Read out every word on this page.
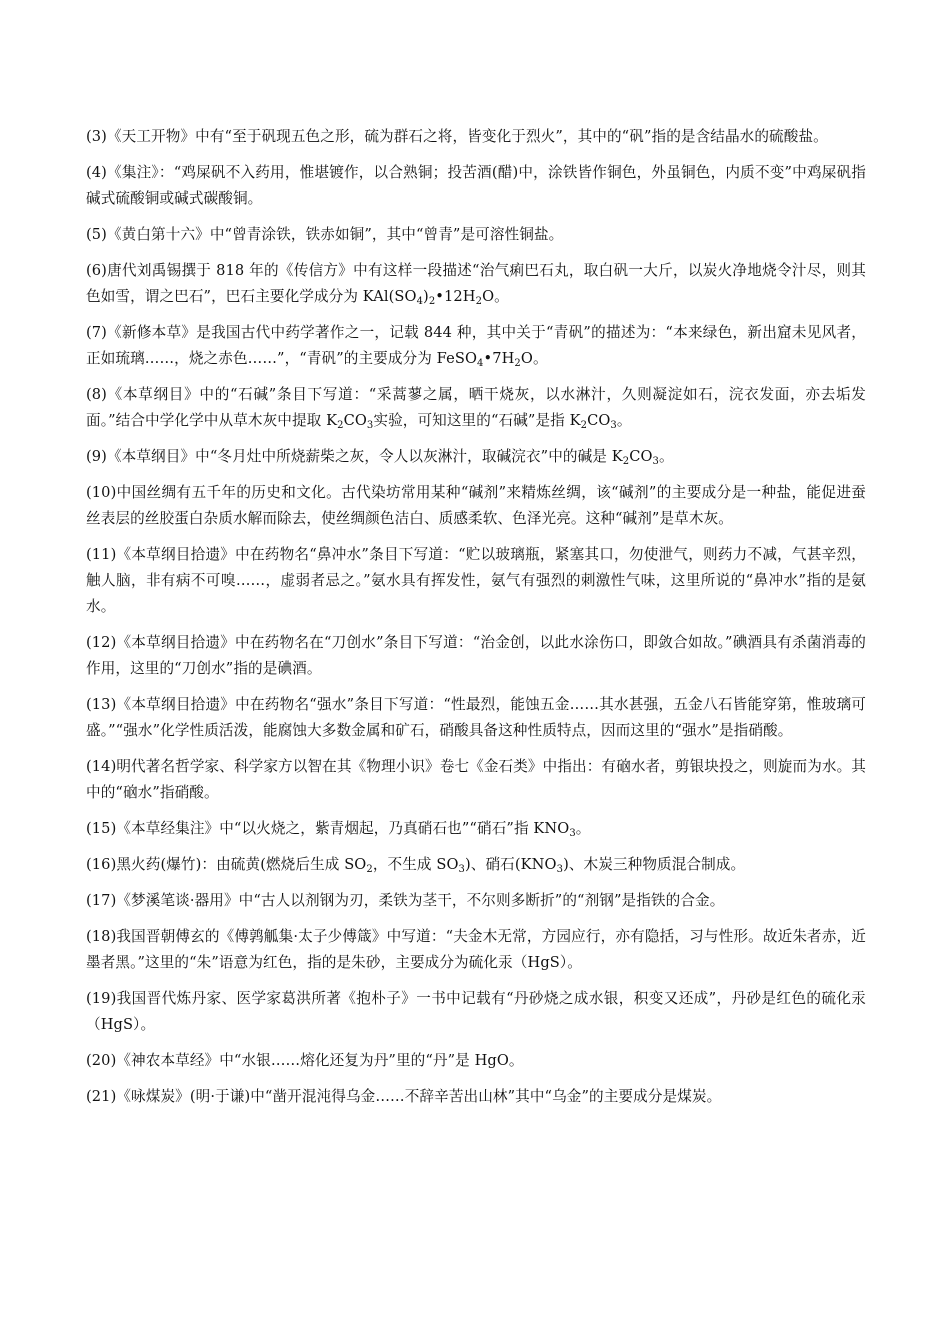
(3)《天工开物》中有“至于矾现五色之形，硫为群石之将，皆变化于烈火”，其中的“矾”指的是含结晶水的硫酸盐。

(4)《集注》：“鸡屎矾不入药用，惟堪镀作，以合熟铜；投苦酒(醋)中，涂铁皆作铜色，外虽铜色，内质不变”中鸡屎矾指碱式硫酸铜或碱式碳酸铜。

(5)《黄白第十六》中“曾青涂铁，铁赤如铜”，其中“曾青”是可溶性铜盐。

(6)唐代刘禹锡撰于 818 年的《传信方》中有这样一段描述“治气痢巴石丸，取白矾一大斤，以炭火净地烧令汁尽，则其色如雪，谓之巴石”，巴石主要化学成分为 $KAl(SO_4)_2•12H_2O$。

(7)《新修本草》是我国古代中药学著作之一，记载 844 种，其中关于“青矾”的描述为：“本来绿色，新出窟未见风者，正如琉璃……，烧之赤色……”，“青矾”的主要成分为 $FeSO_4•7H_2O$。

(8)《本草纲目》中的“石碱”条目下写道：“采蒿蓼之属，晒干烧灰，以水淋汁，久则凝淀如石，浣衣发面，亦去垢发面。”结合中学化学中从草木灰中提取 $K_2CO_3$实验，可知这里的“石碱”是指 $K_2CO_3$。

(9)《本草纲目》中“冬月灶中所烧薪柴之灰，令人以灰淋汁，取碱浣衣”中的碱是 $K_2CO_3$。

(10)中国丝绸有五千年的历史和文化。古代染坊常用某种“碱剂”来精炼丝绸，该“碱剂”的主要成分是一种盐，能促进蚕丝表层的丝胶蛋白杂质水解而除去，使丝绸颜色洁白、质感柔软、色泽光亮。这种“碱剂”是草木灰。

(11)《本草纲目拾遗》中在药物名“鼻冲水”条目下写道：“贮以玻璃瓶，紧塞其口，勿使泄气，则药力不减，气甚辛烈，触人脑，非有病不可嗅……，虚弱者忌之。”氨水具有挥发性，氨气有强烈的刺激性气味，这里所说的“鼻冲水”指的是氨水。

(12)《本草纲目拾遗》中在药物名在“刀创水”条目下写道：“治金创，以此水涂伤口，即敛合如故。”碘酒具有杀菌消毒的作用，这里的“刀创水”指的是碘酒。

(13)《本草纲目拾遗》中在药物名“强水”条目下写道：“性最烈，能蚀五金……其水甚强，五金八石皆能穿第，惟玻璃可盛。”“强水”化学性质活泼，能腐蚀大多数金属和矿石，硝酸具备这种性质特点，因而这里的“强水”是指硝酸。

(14)明代著名哲学家、科学家方以智在其《物理小识》卷七《金石类》中指出：有硇水者，剪银块投之，则旋而为水。其中的“硇水”指硝酸。

(15)《本草经集注》中“以火烧之，紫青烟起，乃真硝石也”“硝石”指 $KNO_3$。

(16)黑火药(爆竹)：由硫黄(燃烧后生成 $SO_2$，不生成 $SO_3$)、硝石$(KNO_3)$、木炭三种物质混合制成。

(17)《梦溪笔谈·器用》中“古人以剂钢为刃，柔铁为茎干，不尔则多断折”的“剂钢”是指铁的合金。

(18)我国晋朝傅玄的《傅鹑觚集·太子少傅箴》中写道：“夫金木无常，方园应行，亦有隐括，习与性形。故近朱者赤，近墨者黑。”这里的“朱”语意为红色，指的是朱砂，主要成分为硫化汞（HgS）。

(19)我国晋代炼丹家、医学家葛洪所著《抱朴子》一书中记载有“丹砂烧之成水银，积变又还成”，丹砂是红色的硫化汞（HgS）。

(20)《神农本草经》中“水银……熔化还复为丹”里的“丹”是 HgO。

(21)《咏煤炭》(明·于谦)中“凿开混沌得乌金……不辞辛苦出山林”其中“乌金”的主要成分是煤炭。
